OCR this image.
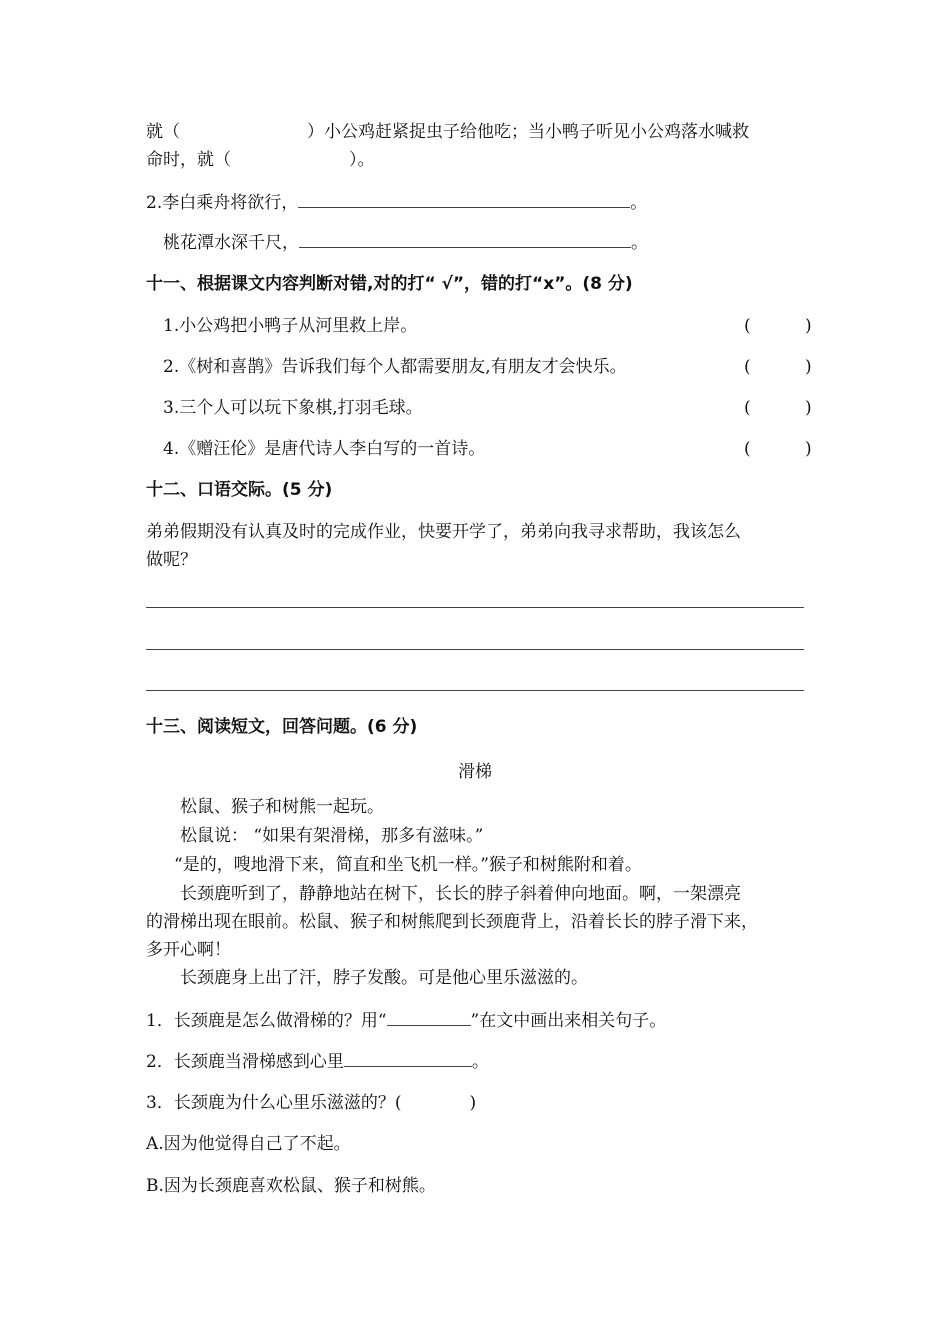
就（	）小公鸡赶紧捉虫子给他吃；当小鸭子听见小公鸡落水喊救
命时，就（	）。
2.李白乘舟将欲行，	。
桃花潭水深千尺，	。
十一、根据课文内容判断对错,对的打“ √”，错的打“x”。(8 分)
1.小公鸡把小鸭子从河里救上岸。	(	)
2.《树和喜鹊》告诉我们每个人都需要朋友,有朋友才会快乐。	(	)
3.三个人可以玩下象棋,打羽毛球。	(	)
4.《赠汪伦》是唐代诗人李白写的一首诗。	(	)
十二、口语交际。(5 分)
弟弟假期没有认真及时的完成作业，快要开学了，弟弟向我寻求帮助，我该怎么
做呢？
十三、阅读短文，回答问题。(6 分)
滑梯
松鼠、猴子和树熊一起玩。
松鼠说： “如果有架滑梯，那多有滋味。”
“是的，嗖地滑下来，简直和坐飞机一样。”猴子和树熊附和着。
长颈鹿听到了，静静地站在树下，长长的脖子斜着伸向地面。啊，一架漂亮
的滑梯出现在眼前。松鼠、猴子和树熊爬到长颈鹿背上，沿着长长的脖子滑下来，
多开心啊！
长颈鹿身上出了汗，脖子发酸。可是他心里乐滋滋的。
1．长颈鹿是怎么做滑梯的？用“	”在文中画出来相关句子。
2．长颈鹿当滑梯感到心里	。
3．长颈鹿为什么心里乐滋滋的？(	)
A.因为他觉得自己了不起。
B.因为长颈鹿喜欢松鼠、猴子和树熊。
